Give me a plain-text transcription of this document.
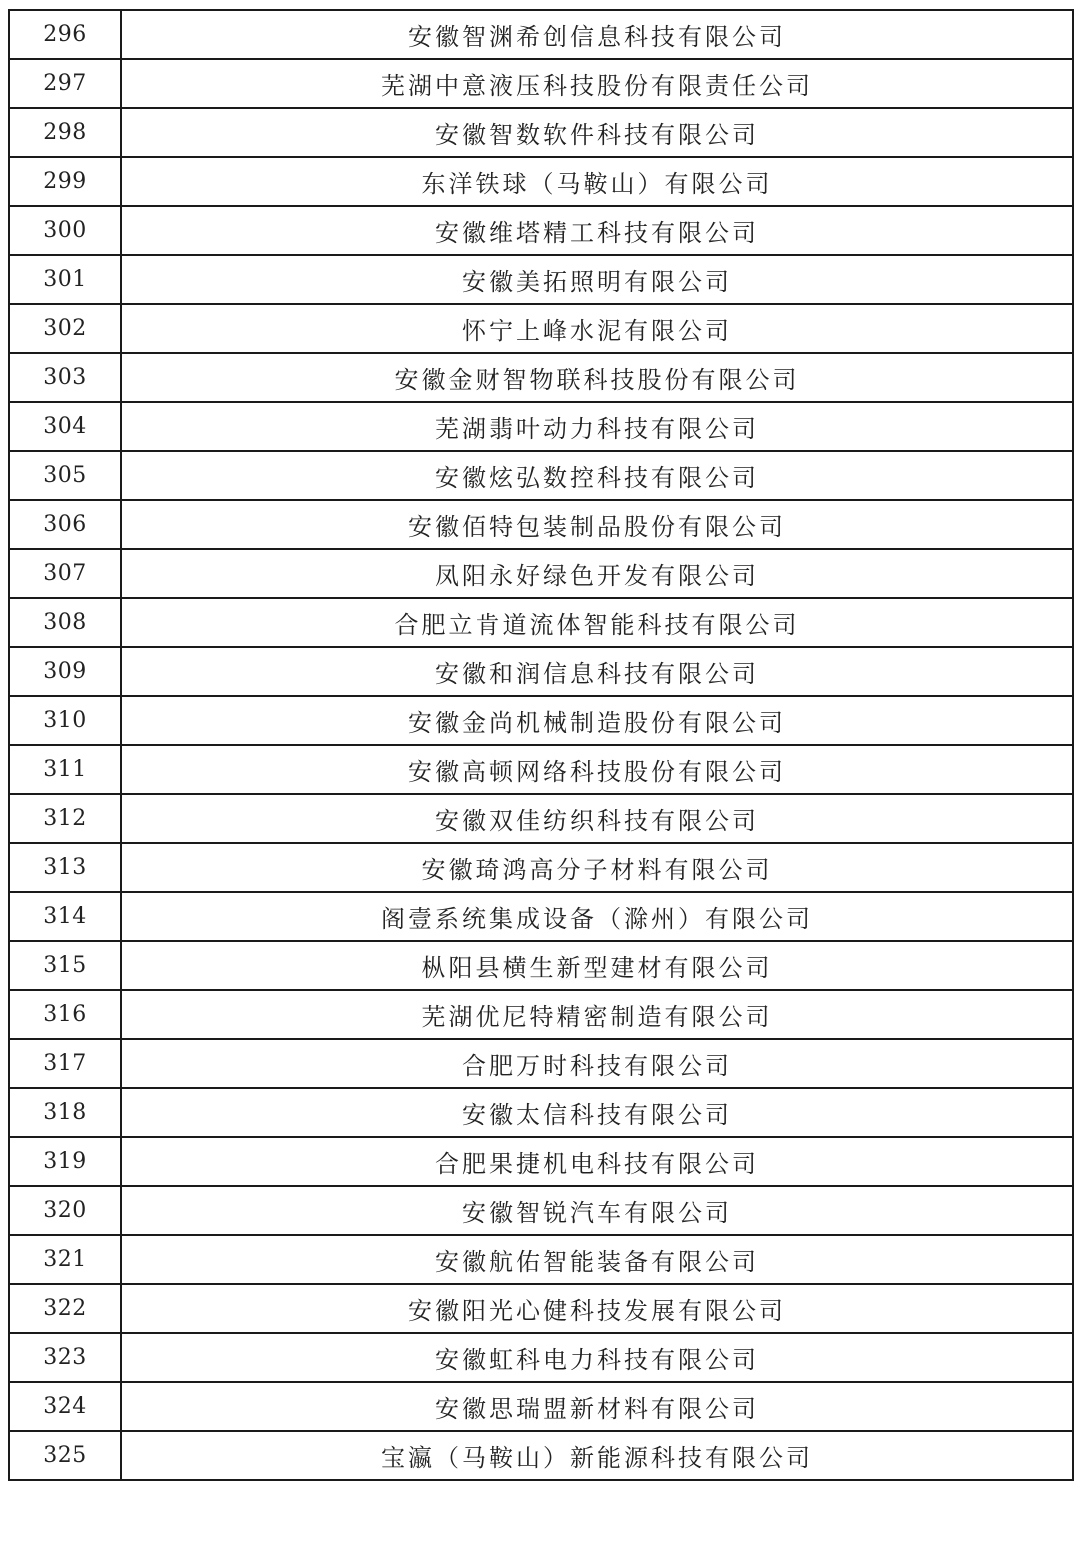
296	安徽智渊希创信息科技有限公司
297	芜湖中意液压科技股份有限责任公司
298	安徽智数软件科技有限公司
299	东洋铁球（马鞍山）有限公司
300	安徽维塔精工科技有限公司
301	安徽美拓照明有限公司
302	怀宁上峰水泥有限公司
303	安徽金财智物联科技股份有限公司
304	芜湖翡叶动力科技有限公司
305	安徽炫弘数控科技有限公司
306	安徽佰特包装制品股份有限公司
307	凤阳永好绿色开发有限公司
308	合肥立肯道流体智能科技有限公司
309	安徽和润信息科技有限公司
310	安徽金尚机械制造股份有限公司
311	安徽高顿网络科技股份有限公司
312	安徽双佳纺织科技有限公司
313	安徽琦鸿高分子材料有限公司
314	阁壹系统集成设备（滁州）有限公司
315	枞阳县横生新型建材有限公司
316	芜湖优尼特精密制造有限公司
317	合肥万时科技有限公司
318	安徽太信科技有限公司
319	合肥果捷机电科技有限公司
320	安徽智锐汽车有限公司
321	安徽航佑智能装备有限公司
322	安徽阳光心健科技发展有限公司
323	安徽虹科电力科技有限公司
324	安徽思瑞盟新材料有限公司
325	宝瀛（马鞍山）新能源科技有限公司
